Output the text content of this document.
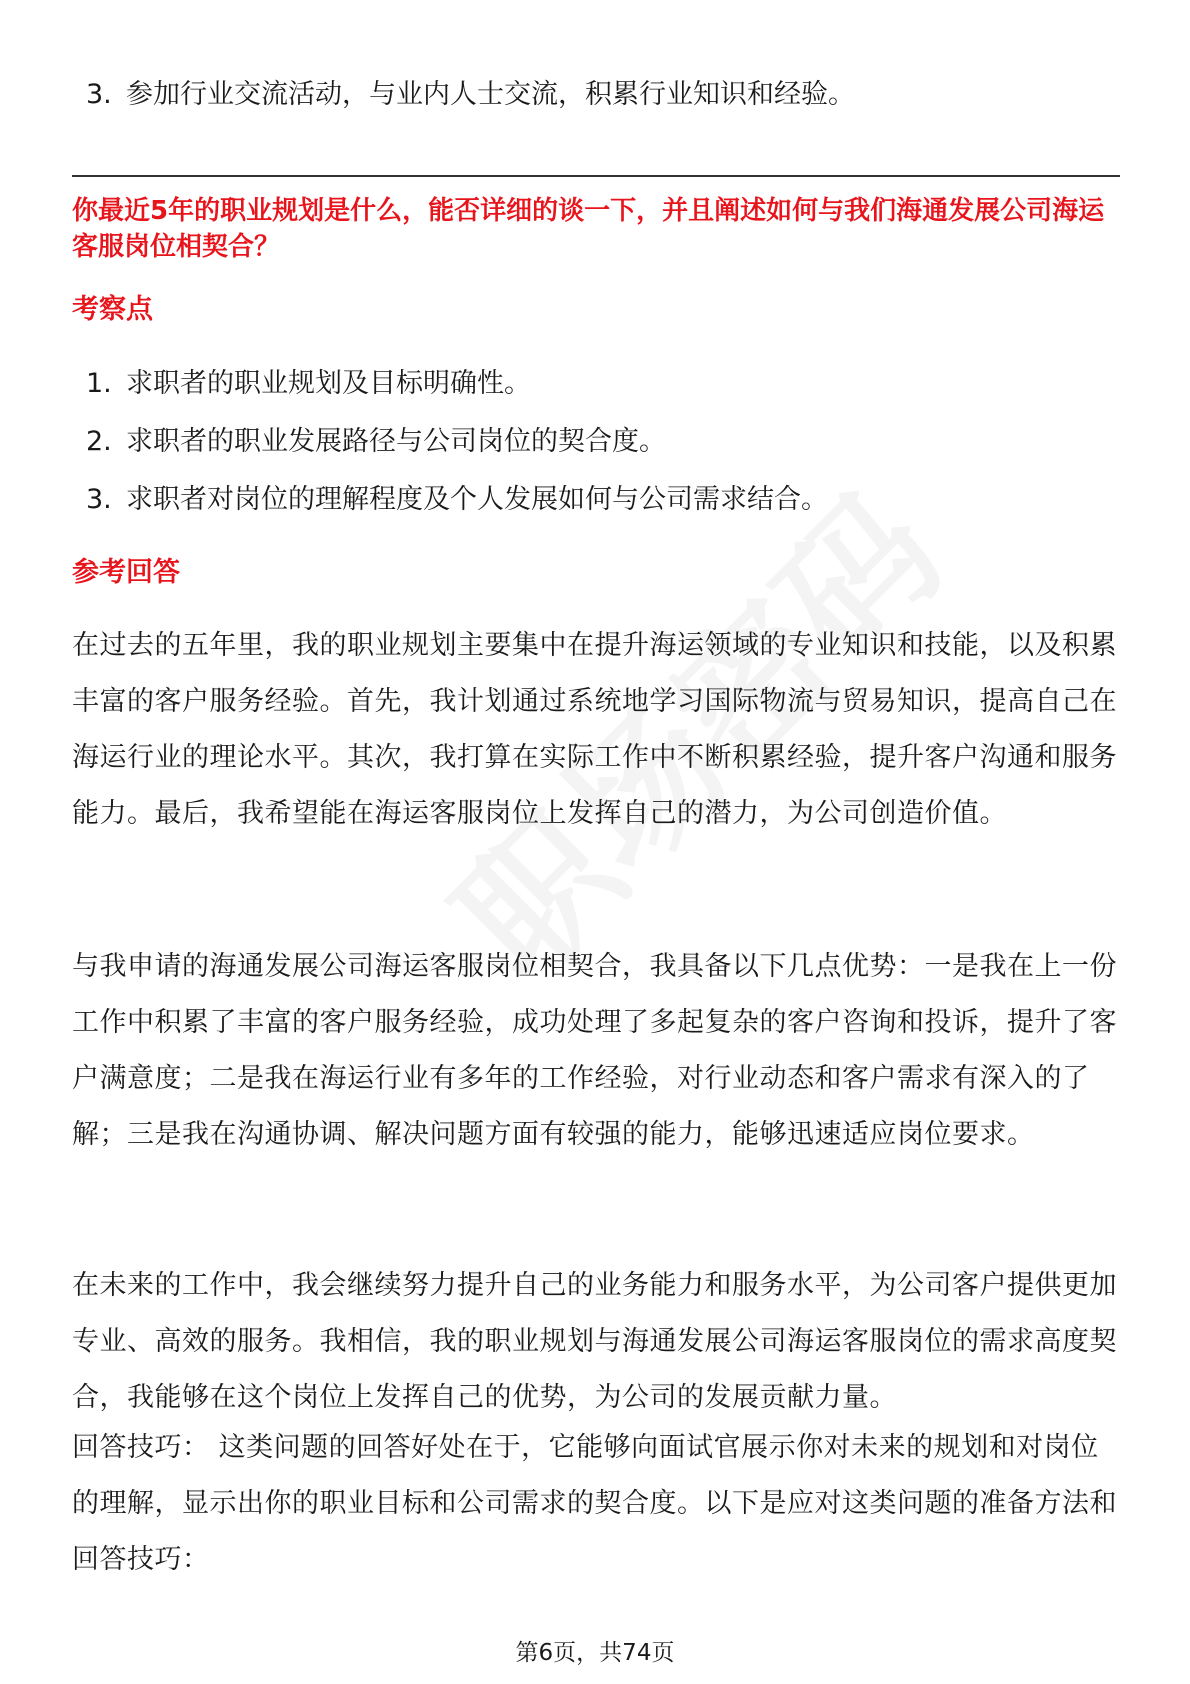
3. 参加行业交流活动，与业内人士交流，积累行业知识和经验。
你最近5年的职业规划是什么，能否详细的谈一下，并且阐述如何与我们海通发展公司海运客服岗位相契合？
考察点
1. 求职者的职业规划及目标明确性。
2. 求职者的职业发展路径与公司岗位的契合度。
3. 求职者对岗位的理解程度及个人发展如何与公司需求结合。
参考回答

在过去的五年里，我的职业规划主要集中在提升海运领域的专业知识和技能，以及积累丰富的客户服务经验。首先，我计划通过系统地学习国际物流与贸易知识，提高自己在海运行业的理论水平。其次，我打算在实际工作中不断积累经验，提升客户沟通和服务能力。最后，我希望能在海运客服岗位上发挥自己的潜力，为公司创造价值。

与我申请的海通发展公司海运客服岗位相契合，我具备以下几点优势：一是我在上一份工作中积累了丰富的客户服务经验，成功处理了多起复杂的客户咨询和投诉，提升了客户满意度；二是我在海运行业有多年的工作经验，对行业动态和客户需求有深入的了解；三是我在沟通协调、解决问题方面有较强的能力，能够迅速适应岗位要求。

在未来的工作中，我会继续努力提升自己的业务能力和服务水平，为公司客户提供更加专业、高效的服务。我相信，我的职业规划与海通发展公司海运客服岗位的需求高度契合，我能够在这个岗位上发挥自己的优势，为公司的发展贡献力量。

回答技巧： 这类问题的回答好处在于，它能够向面试官展示你对未来的规划和对岗位的理解，显示出你的职业目标和公司需求的契合度。以下是应对这类问题的准备方法和回答技巧：

第6页，共74页
